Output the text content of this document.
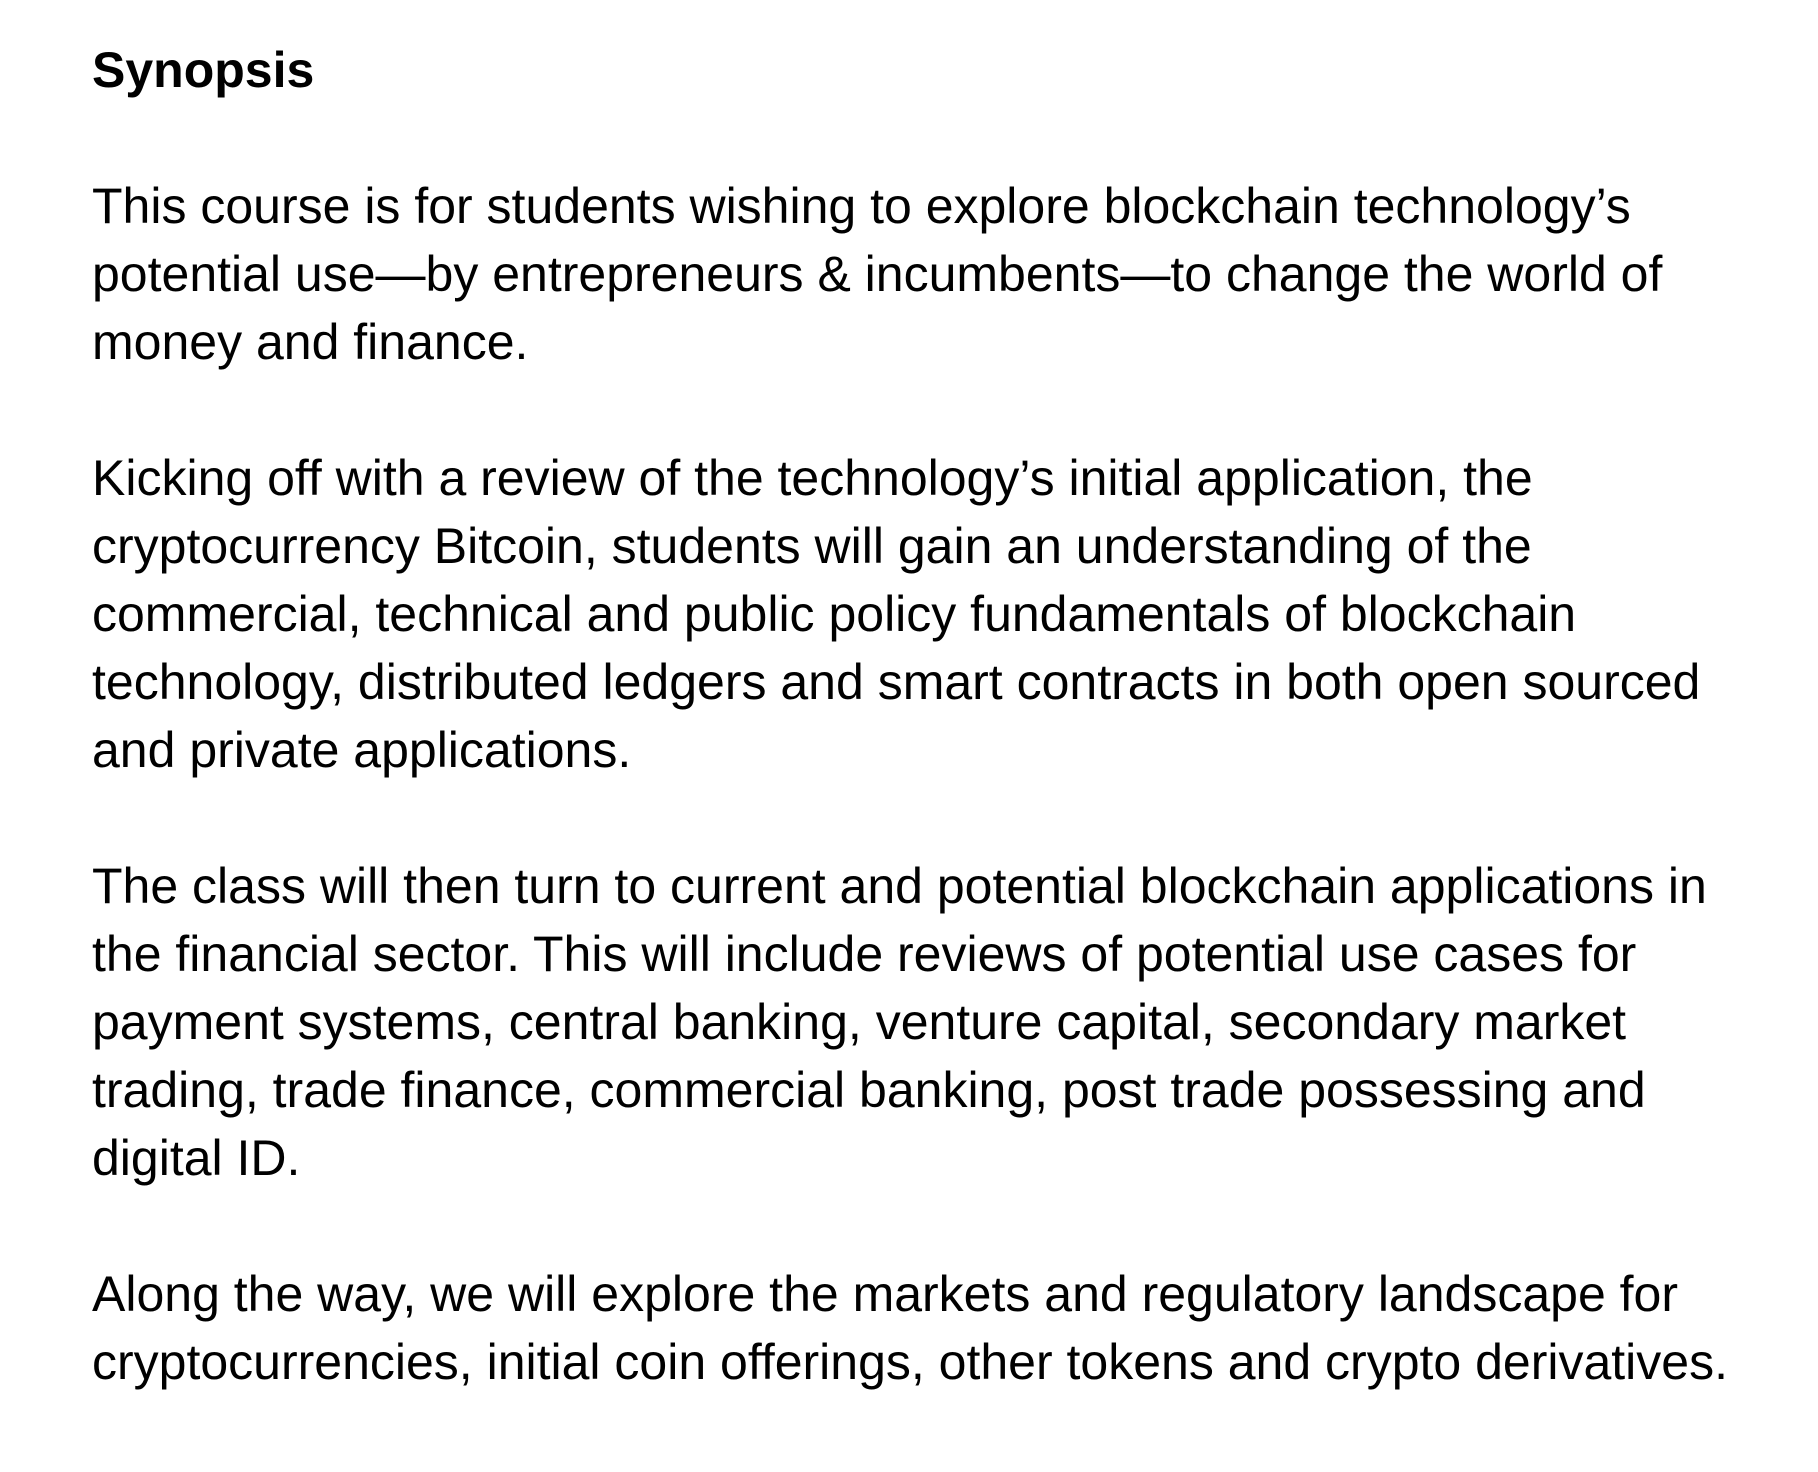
Synopsis
This course is for students wishing to explore blockchain technology’s
potential use—by entrepreneurs & incumbents—to change the world of
money and finance.
Kicking off with a review of the technology’s initial application, the
cryptocurrency Bitcoin, students will gain an understanding of the
commercial, technical and public policy fundamentals of blockchain
technology, distributed ledgers and smart contracts in both open sourced
and private applications.
The class will then turn to current and potential blockchain applications in
the financial sector. This will include reviews of potential use cases for
payment systems, central banking, venture capital, secondary market
trading, trade finance, commercial banking, post trade possessing and
digital ID.
Along the way, we will explore the markets and regulatory landscape for
cryptocurrencies, initial coin offerings, other tokens and crypto derivatives.
